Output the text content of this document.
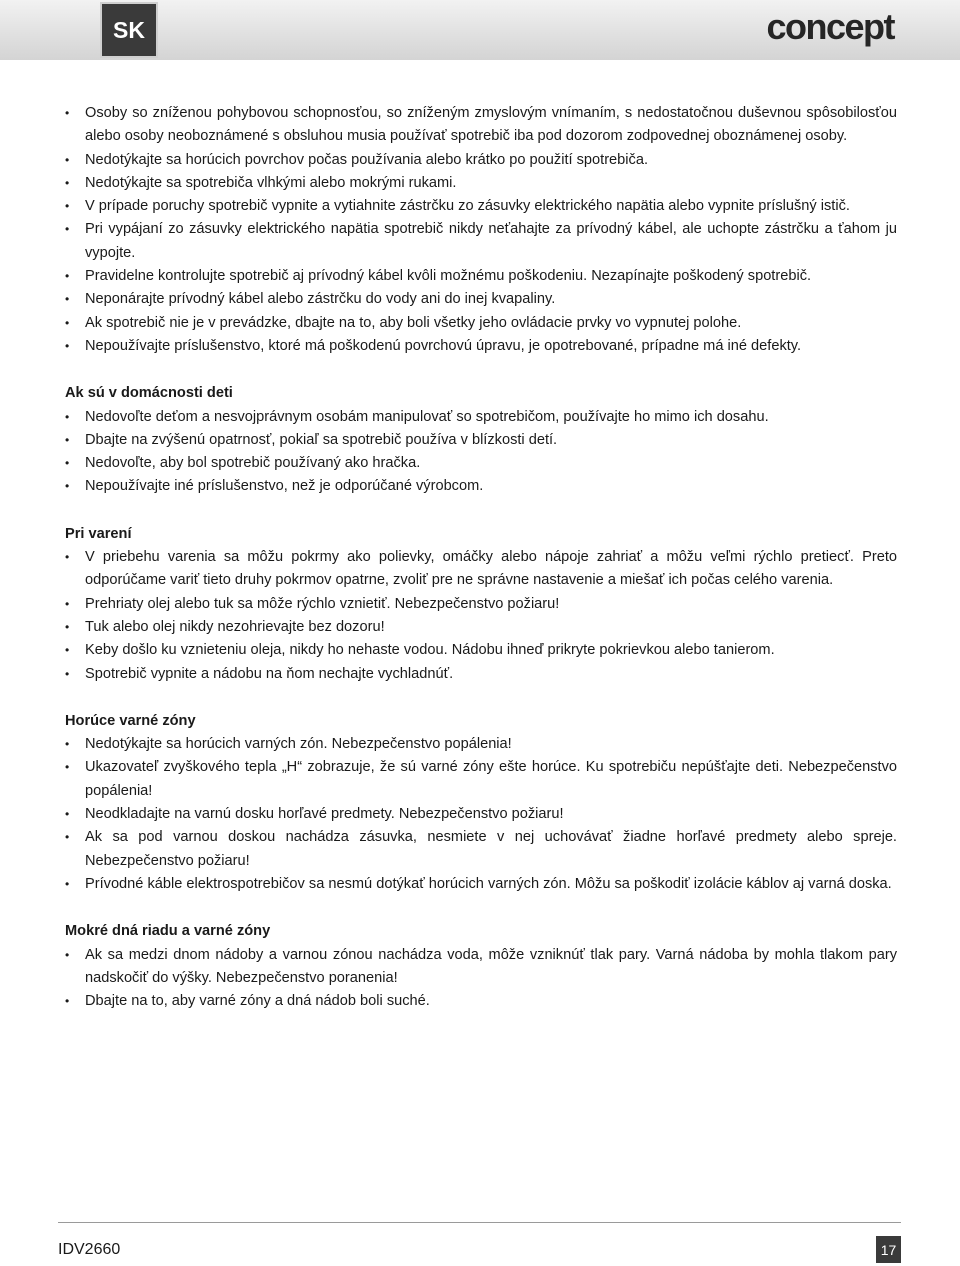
SK	concept
• Osoby so zníženou pohybovou schopnosťou, so zníženým zmyslovým vnímaním, s nedostatočnou duševnou spôsobilosťou alebo osoby neoboznámené s obsluhou musia používať spotrebič iba pod dozorom zodpovednej oboznámenej osoby.
• Nedotýkajte sa horúcich povrchov počas používania alebo krátko po použití spotrebiča.
• Nedotýkajte sa spotrebiča vlhkými alebo mokrými rukami.
• V prípade poruchy spotrebič vypnite a vytiahnite zástrčku zo zásuvky elektrického napätia alebo vypnite príslušný istič.
• Pri vypájaní zo zásuvky elektrického napätia spotrebič nikdy neťahajte za prívodný kábel, ale uchopte zástrčku a ťahom ju vypojte.
• Pravidelne kontrolujte spotrebič aj prívodný kábel kvôli možnému poškodeniu. Nezapínajte poškodený spotrebič.
• Neponárajte prívodný kábel alebo zástrčku do vody ani do inej kvapaliny.
• Ak spotrebič nie je v prevádzke, dbajte na to, aby boli všetky jeho ovládacie prvky vo vypnutej polohe.
• Nepoužívajte príslušenstvo, ktoré má poškodenú povrchovú úpravu, je opotrebované, prípadne má iné defekty.
Ak sú v domácnosti deti
• Nedovoľte deťom a nesvojprávnym osobám manipulovať so spotrebičom, používajte ho mimo ich dosahu.
• Dbajte na zvýšenú opatrnosť, pokiaľ sa spotrebič používa v blízkosti detí.
• Nedovoľte, aby bol spotrebič používaný ako hračka.
• Nepoužívajte iné príslušenstvo, než je odporúčané výrobcom.
Pri varení
• V priebehu varenia sa môžu pokrmy ako polievky, omáčky alebo nápoje zahriať a môžu veľmi rýchlo pretiecť. Preto odporúčame variť tieto druhy pokrmov opatrne, zvoliť pre ne správne nastavenie a miešať ich počas celého varenia.
• Prehriaty olej alebo tuk sa môže rýchlo vznietiť. Nebezpečenstvo požiaru!
• Tuk alebo olej nikdy nezohrievajte bez dozoru!
• Keby došlo ku vznieteniu oleja, nikdy ho nehaste vodou. Nádobu ihneď prikryte pokrievkou alebo tanierom.
• Spotrebič vypnite a nádobu na ňom nechajte vychladnúť.
Horúce varné zóny
• Nedotýkajte sa horúcich varných zón. Nebezpečenstvo popálenia!
• Ukazovateľ zvyškového tepla „H“ zobrazuje, že sú varné zóny ešte horúce. Ku spotrebiču nepúšťajte deti. Nebezpečenstvo popálenia!
• Neodkladajte na varnú dosku horľavé predmety. Nebezpečenstvo požiaru!
• Ak sa pod varnou doskou nachádza zásuvka, nesmiete v nej uchovávať žiadne horľavé predmety alebo spreje. Nebezpečenstvo požiaru!
• Prívodné káble elektrospotrebičov sa nesmú dotýkať horúcich varných zón. Môžu sa poškodiť izolácie káblov aj varná doska.
Mokré dná riadu a varné zóny
• Ak sa medzi dnom nádoby a varnou zónou nachádza voda, môže vzniknúť tlak pary. Varná nádoba by mohla tlakom pary nadskočiť do výšky. Nebezpečenstvo poranenia!
• Dbajte na to, aby varné zóny a dná nádob boli suché.
IDV2660	17
